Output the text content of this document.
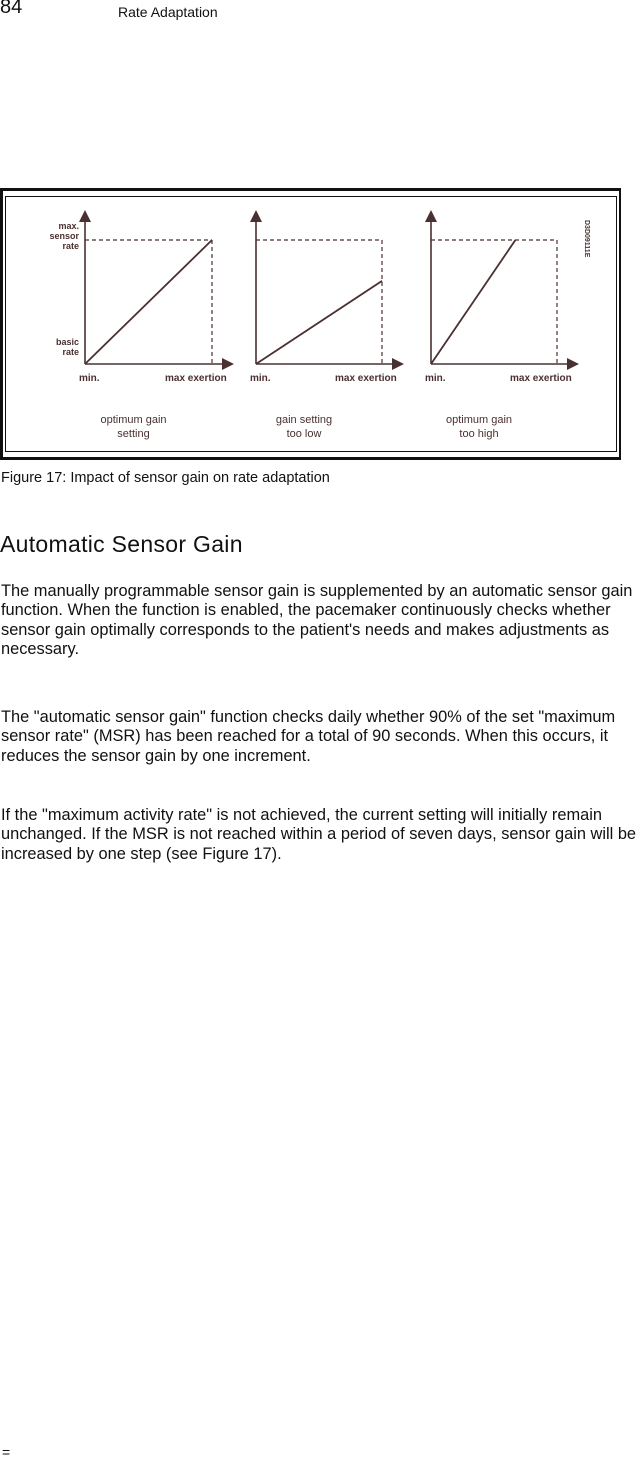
84	Rate Adaptation
min.	max exertion
optimum gain
setting
min.	max exertion
gain setting
too low
min.	max exertion
optimum gain
too high
max.
sensor
rate
basic
rate
D3D09111E
Figure 17: Impact of sensor gain on rate adaptation
Automatic Sensor Gain

The manually programmable sensor gain is supplemented by an automatic sensor gain function. When the function is enabled, the pacemaker continuously checks whether sensor gain optimally corresponds to the patient's needs and makes adjustments as necessary.

The "automatic sensor gain" function checks daily whether 90% of the set "maximum sensor rate" (MSR) has been reached for a total of 90 seconds. When this occurs, it reduces the sensor gain by one increment.

If the "maximum activity rate" is not achieved, the current setting will initially remain unchanged. If the MSR is not reached within a period of seven days, sensor gain will be increased by one step (see Figure 17).

=
